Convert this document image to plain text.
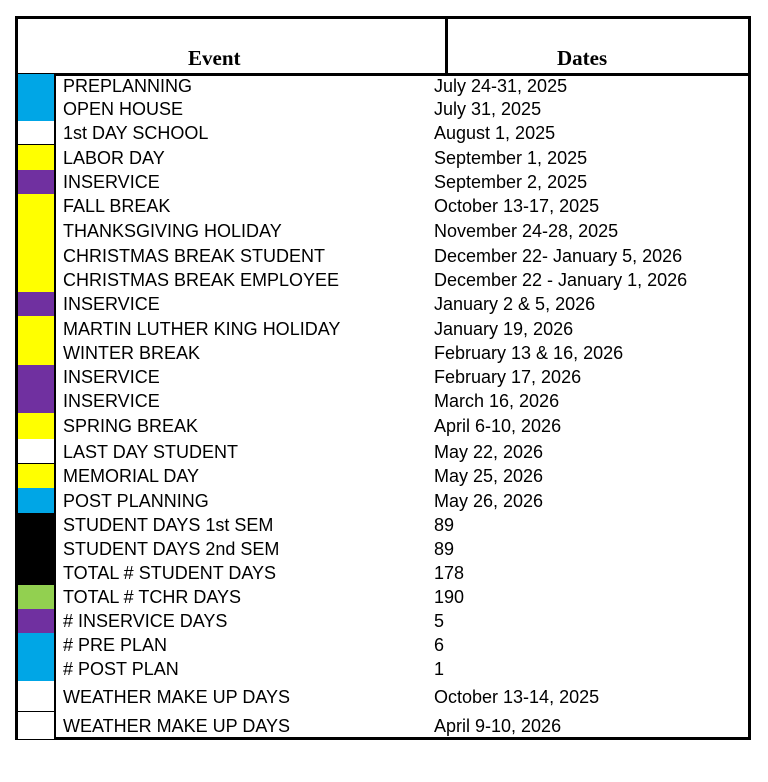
Event	Dates
PREPLANNING	July 24-31, 2025
OPEN HOUSE	July 31, 2025
1st DAY SCHOOL	August 1, 2025
LABOR DAY	September 1, 2025
INSERVICE	September 2, 2025
FALL BREAK	October 13-17, 2025
THANKSGIVING HOLIDAY	November 24-28, 2025
CHRISTMAS BREAK STUDENT	December 22- January 5, 2026
CHRISTMAS BREAK EMPLOYEE	December 22 - January 1, 2026
INSERVICE	January 2 & 5, 2026
MARTIN LUTHER KING HOLIDAY	January 19, 2026
WINTER BREAK	February 13 & 16, 2026
INSERVICE	February 17, 2026
INSERVICE	March 16, 2026
SPRING BREAK	April 6-10, 2026
LAST DAY STUDENT	May 22, 2026
MEMORIAL DAY	May 25, 2026
POST PLANNING	May 26, 2026
STUDENT DAYS 1st SEM	89
STUDENT DAYS 2nd SEM	89
TOTAL # STUDENT DAYS	178
TOTAL # TCHR DAYS	190
# INSERVICE DAYS	5
# PRE PLAN	6
# POST PLAN	1
WEATHER MAKE UP DAYS	October 13-14, 2025
WEATHER MAKE UP DAYS	April 9-10, 2026
